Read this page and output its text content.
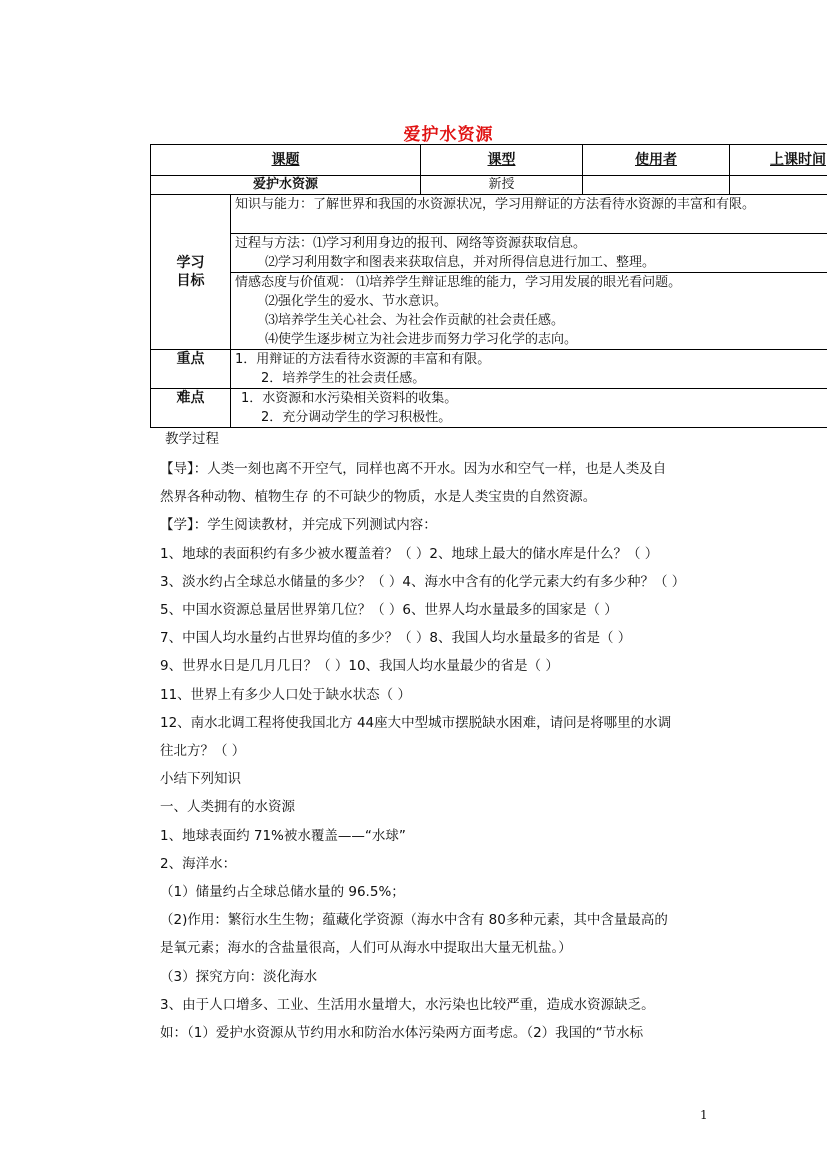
爱护水资源
课题		课型	使用者	上课时间
爱护水资源		新授		

学习
目标	知识与能力：了解世界和我国的水资源状况，学习用辩证的方法看待水资源的丰富和有限。			

	过程与方法：⑴学习利用身边的报刊、网络等资源获取信息。
⑵学习利用数字和图表来获取信息，并对所得信息进行加工、整理。			

	情感态度与价值观： ⑴培养学生辩证思维的能力，学习用发展的眼光看问题。
⑵强化学生的爱水、节水意识。
⑶培养学生关心社会、为社会作贡献的社会责任感。
⑷使学生逐步树立为社会进步而努力学习化学的志向。			

重点	1．用辩证的方法看待水资源的丰富和有限。
2．培养学生的社会责任感。			

难点	1．水资源和水污染相关资料的收集。
2．充分调动学生的学习积极性。			

教学过程

【导】：人类一刻也离不开空气，同样也离不开水。因为水和空气一样，也是人类及自

然界各种动物、植物生存 的不可缺少的物质，水是人类宝贵的自然资源。

【学】：学生阅读教材，并完成下列测试内容：

1、地球的表面积约有多少被水覆盖着？（ ）2、地球上最大的储水库是什么？（ ）

3、淡水约占全球总水储量的多少？（ ）4、海水中含有的化学元素大约有多少种？（ ）

5、中国水资源总量居世界第几位？（ ）6、世界人均水量最多的国家是（ ）

7、中国人均水量约占世界均值的多少？（ ）8、我国人均水量最多的省是（ ）

9、世界水日是几月几日？（ ）10、我国人均水量最少的省是（ ）

11、世界上有多少人口处于缺水状态（ ）

12、南水北调工程将使我国北方 44座大中型城市摆脱缺水困难，请问是将哪里的水调

往北方？（ ）

小结下列知识

一、人类拥有的水资源

1、地球表面约 71%被水覆盖——“水球”

2、海洋水：

（1）储量约占全球总储水量的 96.5%；

（2)作用：繁衍水生生物；蕴藏化学资源（海水中含有 80多种元素，其中含量最高的

是氧元素；海水的含盐量很高，人们可从海水中提取出大量无机盐。）

（3）探究方向：淡化海水

3、由于人口增多、工业、生活用水量增大，水污染也比较严重，造成水资源缺乏。

如：（1）爱护水资源从节约用水和防治水体污染两方面考虑。（2）我国的“节水标

1
